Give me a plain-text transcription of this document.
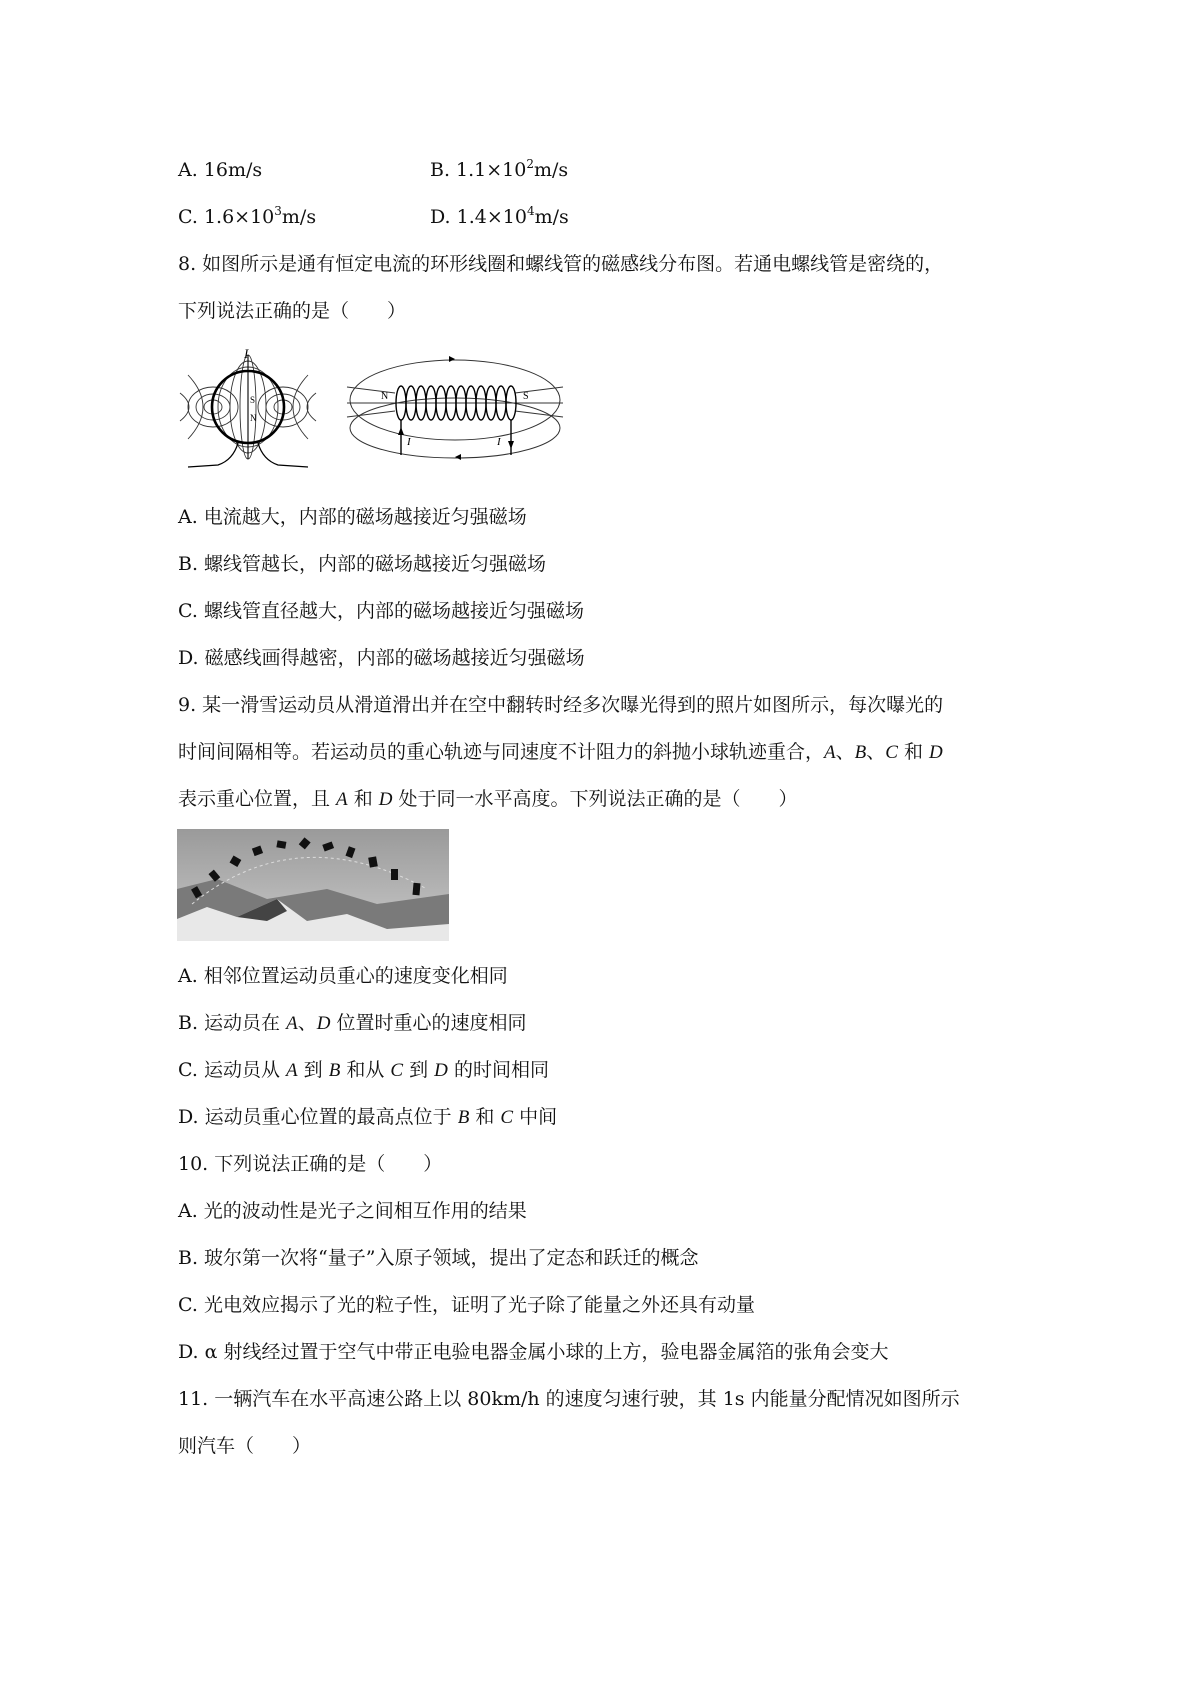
A. 16m/s	B. $1.1\times 10^2m/s$
C. $1.6\times 10^3m/s$	D. $1.4\times 10^4m/s$
8. 如图所示是通有恒定电流的环形线圈和螺线管的磁感线分布图。若通电螺线管是密绕的，
下列说法正确的是（　　）
I
S
N
N	S
I	I
A. 电流越大，内部的磁场越接近匀强磁场
B. 螺线管越长，内部的磁场越接近匀强磁场
C. 螺线管直径越大，内部的磁场越接近匀强磁场
D. 磁感线画得越密，内部的磁场越接近匀强磁场
9. 某一滑雪运动员从滑道滑出并在空中翻转时经多次曝光得到的照片如图所示，每次曝光的
时间间隔相等。若运动员的重心轨迹与同速度不计阻力的斜抛小球轨迹重合，A、B、C 和 D
表示重心位置，且 A 和 D 处于同一水平高度。下列说法正确的是（　　）
A. 相邻位置运动员重心的速度变化相同
B. 运动员在 A、D 位置时重心的速度相同
C. 运动员从 A 到 B 和从 C 到 D 的时间相同
D. 运动员重心位置的最高点位于 B 和 C 中间
10. 下列说法正确的是（　　）
A. 光的波动性是光子之间相互作用的结果
B. 玻尔第一次将“量子”入原子领域，提出了定态和跃迁的概念
C. 光电效应揭示了光的粒子性，证明了光子除了能量之外还具有动量
D. α 射线经过置于空气中带正电验电器金属小球的上方，验电器金属箔的张角会变大
11. 一辆汽车在水平高速公路上以 80km/h 的速度匀速行驶，其 1s 内能量分配情况如图所示
则汽车（　　）
